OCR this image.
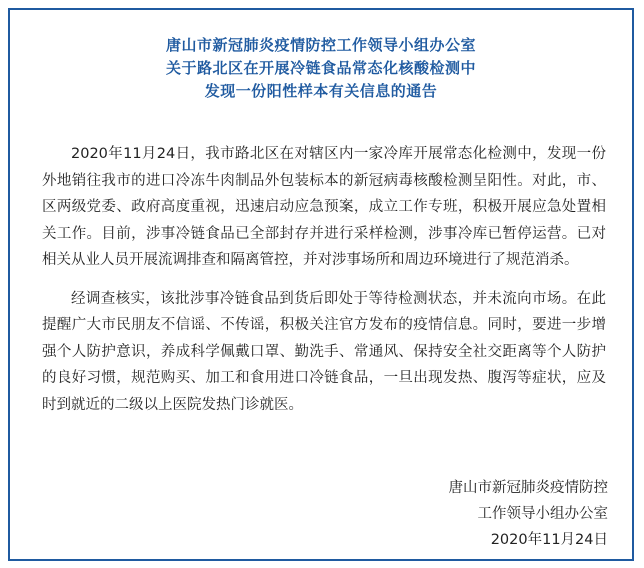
唐山市新冠肺炎疫情防控工作领导小组办公室
关于路北区在开展冷链食品常态化核酸检测中
发现一份阳性样本有关信息的通告

2020年11月24日，我市路北区在对辖区内一家冷库开展常态化检测中，发现一份外地销往我市的进口冷冻牛肉制品外包装标本的新冠病毒核酸检测呈阳性。对此，市、区两级党委、政府高度重视，迅速启动应急预案，成立工作专班，积极开展应急处置相关工作。目前，涉事冷链食品已全部封存并进行采样检测，涉事冷库已暂停运营。已对相关从业人员开展流调排查和隔离管控，并对涉事场所和周边环境进行了规范消杀。

经调查核实，该批涉事冷链食品到货后即处于等待检测状态，并未流向市场。在此提醒广大市民朋友不信谣、不传谣，积极关注官方发布的疫情信息。同时，要进一步增强个人防护意识，养成科学佩戴口罩、勤洗手、常通风、保持安全社交距离等个人防护的良好习惯，规范购买、加工和食用进口冷链食品，一旦出现发热、腹泻等症状，应及时到就近的二级以上医院发热门诊就医。

唐山市新冠肺炎疫情防控
工作领导小组办公室
2020年11月24日
